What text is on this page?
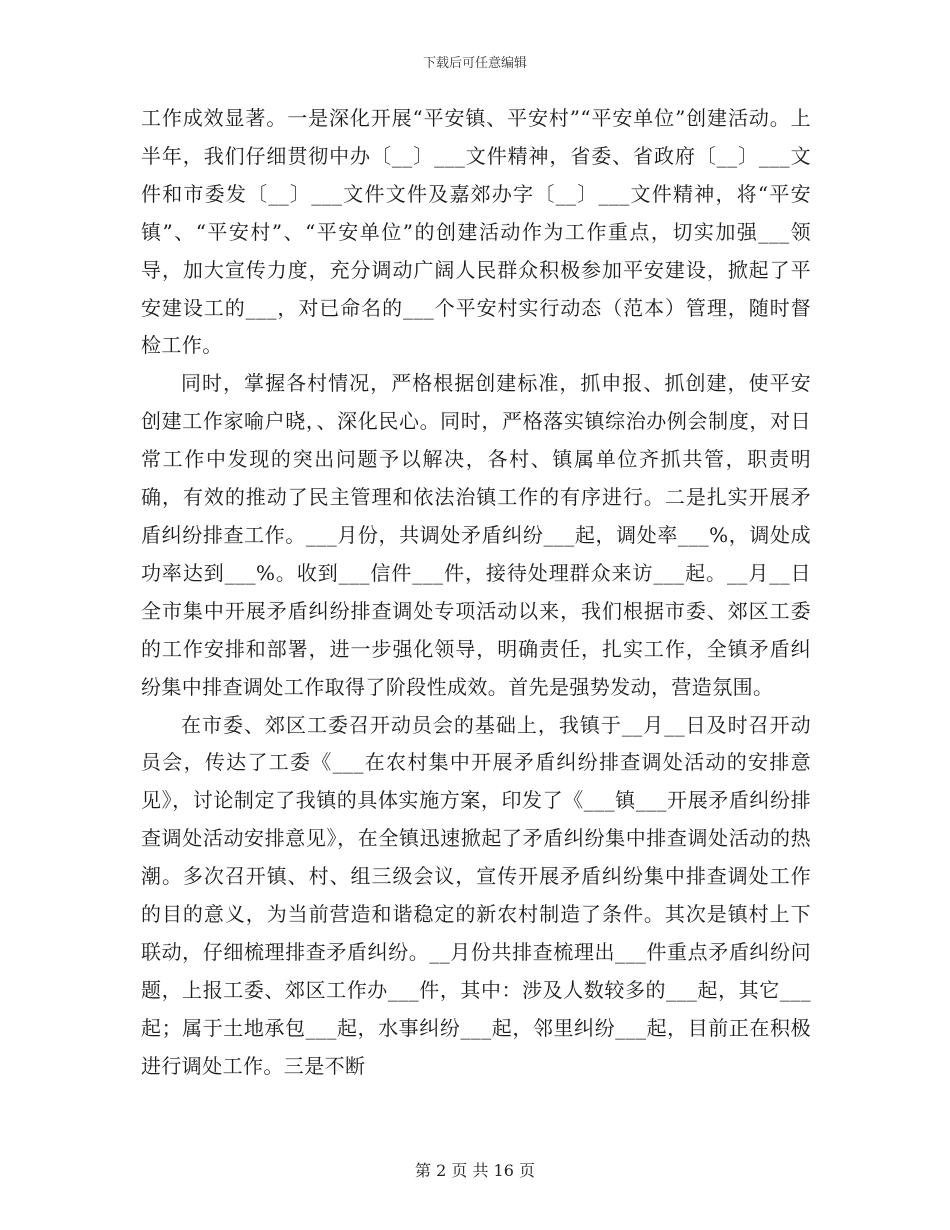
下载后可任意编辑

工作成效显著。一是深化开展“平安镇、平安村”“平安单位”创建活动。上半年，我们仔细贯彻中办〔__〕___文件精神，省委、省政府〔__〕___文件和市委发〔__〕___文件文件及嘉郊办字〔__〕___文件精神，将“平安镇”、“平安村”、“平安单位”的创建活动作为工作重点，切实加强___领导，加大宣传力度，充分调动广阔人民群众积极参加平安建设，掀起了平安建设工的___，对已命名的___个平安村实行动态（范本）管理，随时督检工作。

同时，掌握各村情况，严格根据创建标准，抓申报、抓创建，使平安创建工作家喻户晓，、深化民心。同时，严格落实镇综治办例会制度，对日常工作中发现的突出问题予以解决，各村、镇属单位齐抓共管，职责明确，有效的推动了民主管理和依法治镇工作的有序进行。二是扎实开展矛盾纠纷排查工作。___月份，共调处矛盾纠纷___起，调处率___%，调处成功率达到___%。收到___信件___件，接待处理群众来访___起。__月__日全市集中开展矛盾纠纷排查调处专项活动以来，我们根据市委、郊区工委的工作安排和部署，进一步强化领导，明确责任，扎实工作，全镇矛盾纠纷集中排查调处工作取得了阶段性成效。首先是强势发动，营造氛围。

在市委、郊区工委召开动员会的基础上，我镇于__月__日及时召开动员会，传达了工委《___在农村集中开展矛盾纠纷排查调处活动的安排意见》，讨论制定了我镇的具体实施方案，印发了《___镇___开展矛盾纠纷排查调处活动安排意见》，在全镇迅速掀起了矛盾纠纷集中排查调处活动的热潮。多次召开镇、村、组三级会议，宣传开展矛盾纠纷集中排查调处工作的目的意义，为当前营造和谐稳定的新农村制造了条件。其次是镇村上下联动，仔细梳理排查矛盾纠纷。__月份共排查梳理出___件重点矛盾纠纷问题，上报工委、郊区工作办___件，其中：涉及人数较多的___起，其它___起；属于土地承包___起，水事纠纷___起，邻里纠纷___起，目前正在积极进行调处工作。三是不断

第 2 页 共 16 页
